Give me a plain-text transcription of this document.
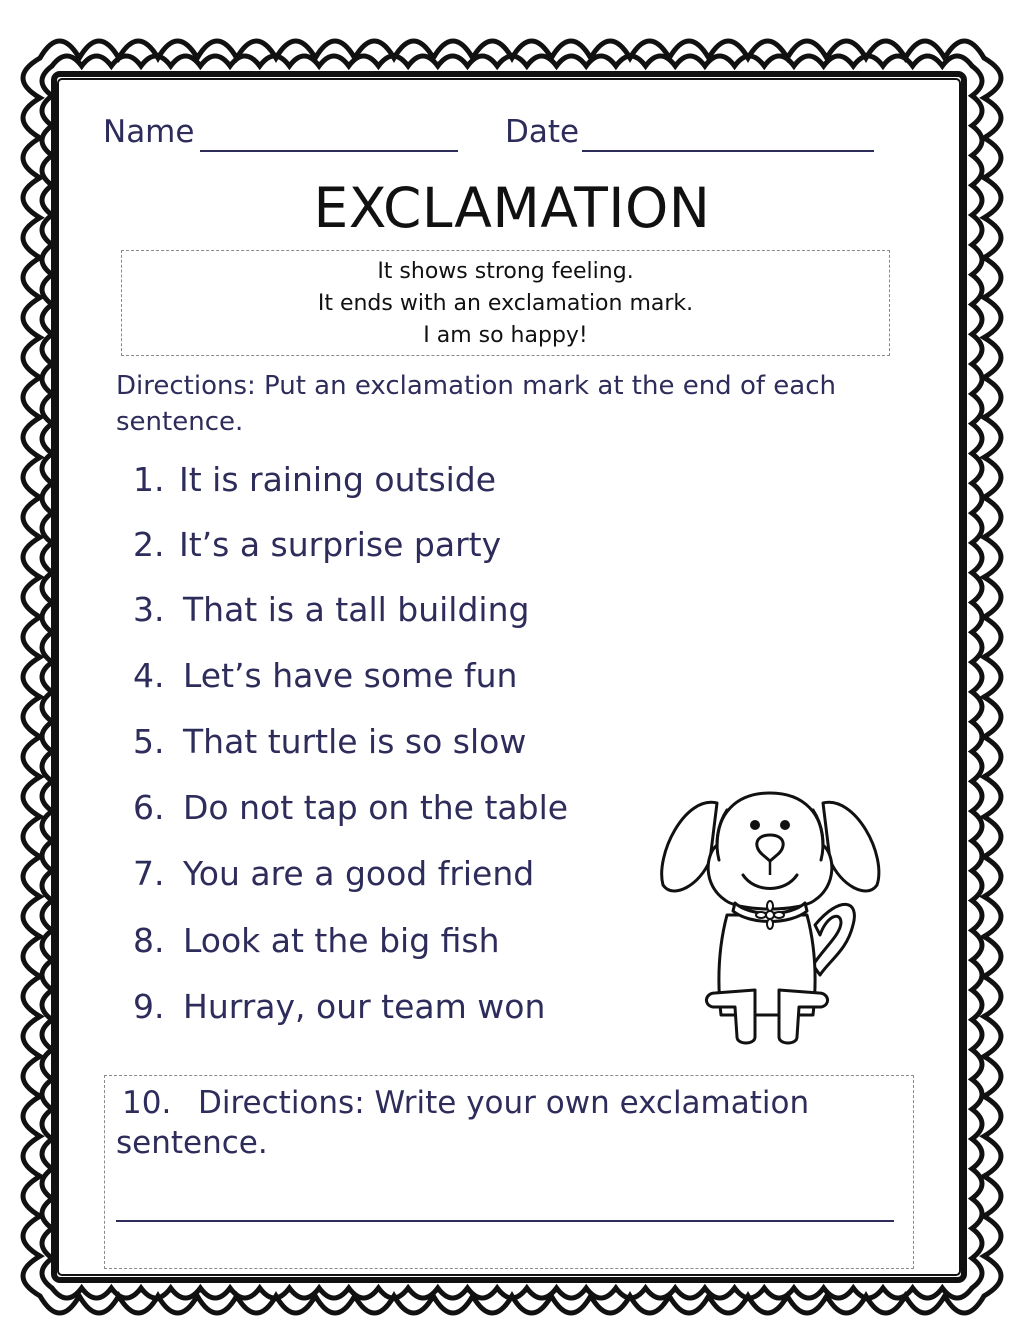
Name	Date
EXCLAMATION
It shows strong feeling.
It ends with an exclamation mark.
I am so happy!
Directions: Put an exclamation mark at the end of each sentence.
1. It is raining outside
2. It’s a surprise party
3. That is a tall building
4. Let’s have some fun
5. That turtle is so slow
6. Do not tap on the table
7. You are a good friend
8. Look at the big fish
9. Hurray, our team won
10. Directions: Write your own exclamation sentence.
